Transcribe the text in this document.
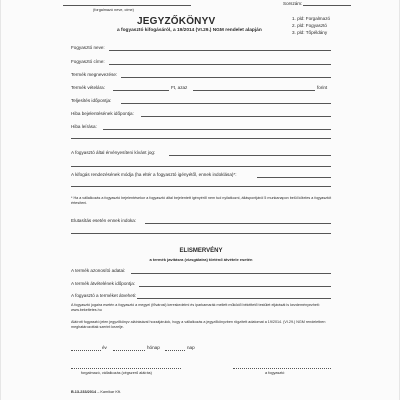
(forgalmazó neve, címe)
Sorszám:
JEGYZŐKÖNYV
a fogyasztó kifogásáról, a 19/2014 (VI.29.) NGM rendelet alapján
1. pld: Forgalmazó
2. pld: Fogyasztó
3. pld: Tőpéldány
Fogyasztó neve:
Fogyasztó címe:
Termék megnevezése:
Termék vételára:	Ft, azaz	forint
Teljesítés időpontja:
Hiba bejelentésének időpontja:
Hiba leírása:
A fogyasztó által érvényesíteni kívánt jog:
A kifogás rendezésének módja (ha eltér a fogyasztó igényétől, ennek indoklása)*:
* Ha a vállalkozás a fogyasztó bejelentésekor a fogyasztó által bejelentett igényéről nem tud nyilatkozni, álláspontjáról 5 munkanapon belül köteles a fogyasztót értesíteni.
Elutasítás esetén ennek indoka:
ELISMERVÉNY
a termék javításra (vizsgálatra) történő átvétele esetén
A termék azonosító adatai:
A termék átvételének időpontja:
A fogyasztó a terméket átveheti:
A fogyasztó jogaira esetén a fogyasztó a megyei (fővárosi) kereskedelmi és iparkamarák mellett működő békéltető testület eljárását is kezdeményezheti: www.bekeltetes.hu
Aláírott fogyasztó jelen jegyzőkönyv aláírásával hozzájárulok, hogy a vállalkozás a jegyzőkönyvben rögzített adatomat a 19/2014. (VI.29.) NGM rendeletben meghatározottak szerint kezelje.
év	hónap	nap
forgalmazó, vállalkozás (cégszerű aláírás)	a fogyasztó
B.13-233/2014 – Kamikar Kft.
